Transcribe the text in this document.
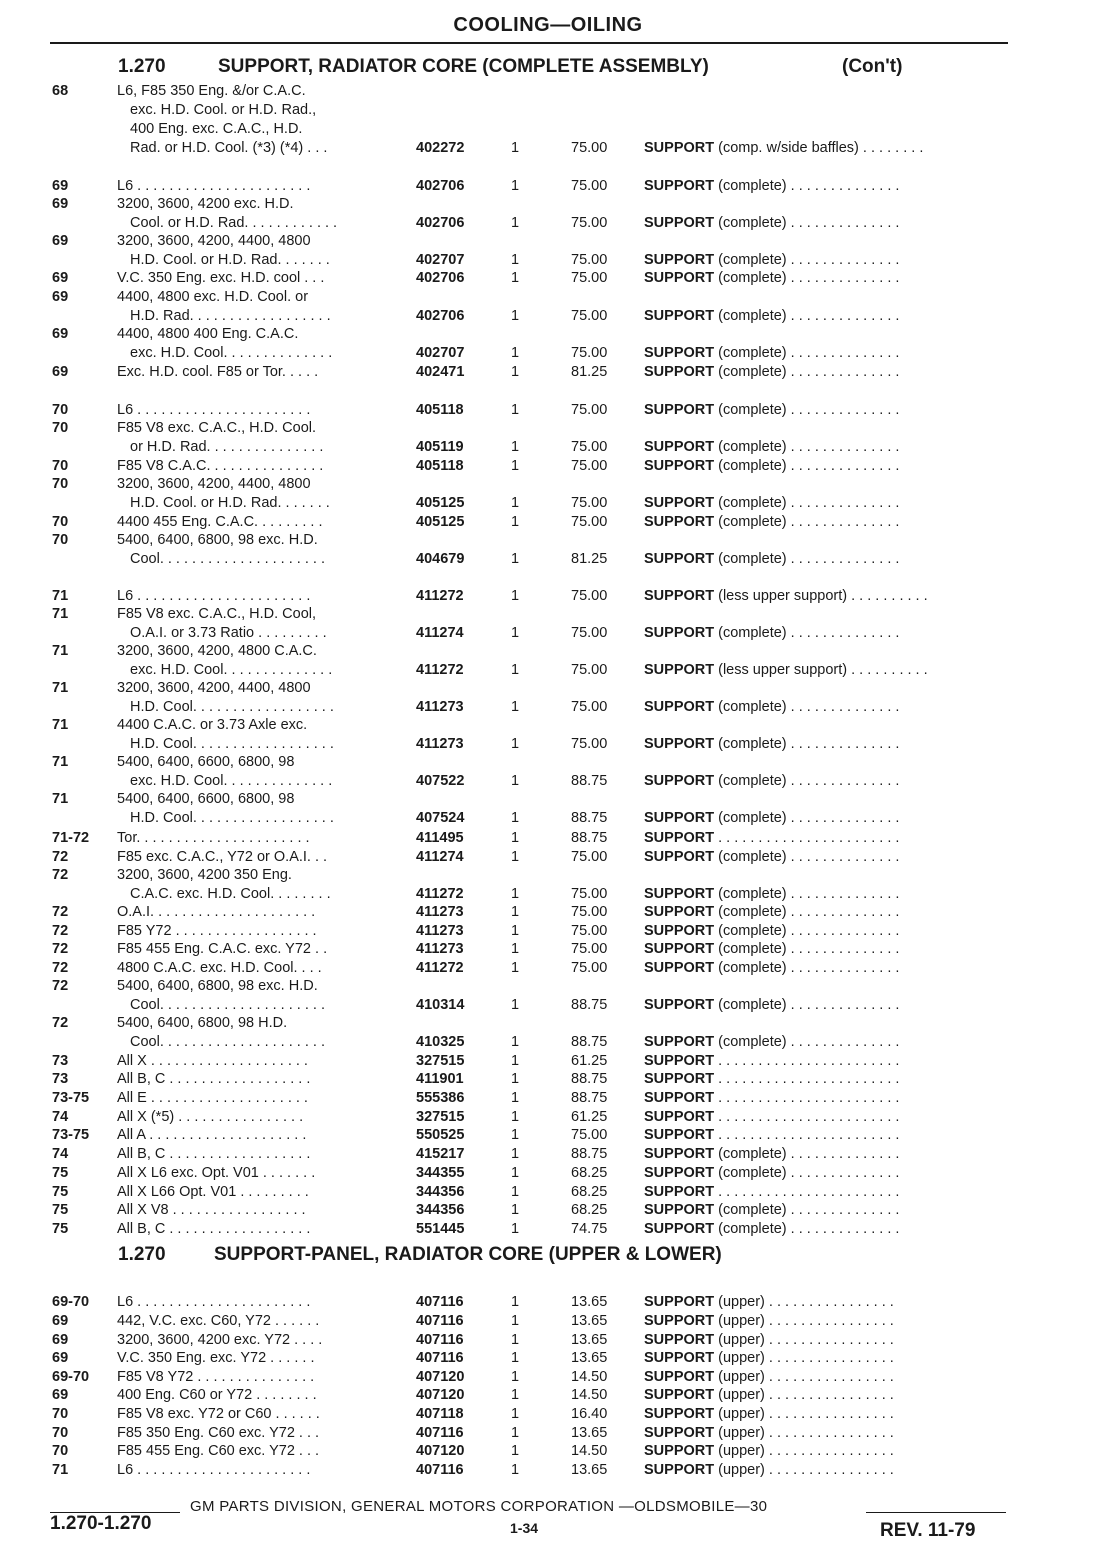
COOLING—OILING
1.270	SUPPORT, RADIATOR CORE (COMPLETE ASSEMBLY)	(Con't)
68	L6, F85 350 Eng. &/or C.A.C.
exc. H.D. Cool. or H.D. Rad.,
400 Eng. exc. C.A.C., H.D.
Rad. or H.D. Cool. (*3) (*4) . . .	402272	1	75.00	SUPPORT (comp. w/side baffles) . . . . . . . .
69	L6 . . . . . . . . . . . . . . . . . . . . . .	402706	1	75.00	SUPPORT (complete) . . . . . . . . . . . . . .
69	3200, 3600, 4200 exc. H.D.
Cool. or H.D. Rad. . . . . . . . . . . .	402706	1	75.00	SUPPORT (complete) . . . . . . . . . . . . . .
69	3200, 3600, 4200, 4400, 4800
H.D. Cool. or H.D. Rad. . . . . . .	402707	1	75.00	SUPPORT (complete) . . . . . . . . . . . . . .
69	V.C. 350 Eng. exc. H.D. cool . . .	402706	1	75.00	SUPPORT (complete) . . . . . . . . . . . . . .
69	4400, 4800 exc. H.D. Cool. or
H.D. Rad. . . . . . . . . . . . . . . . . .	402706	1	75.00	SUPPORT (complete) . . . . . . . . . . . . . .
69	4400, 4800 400 Eng. C.A.C.
exc. H.D. Cool. . . . . . . . . . . . . .	402707	1	75.00	SUPPORT (complete) . . . . . . . . . . . . . .
69	Exc. H.D. cool. F85 or Tor. . . . .	402471	1	81.25	SUPPORT (complete) . . . . . . . . . . . . . .
70	L6 . . . . . . . . . . . . . . . . . . . . . .	405118	1	75.00	SUPPORT (complete) . . . . . . . . . . . . . .
70	F85 V8 exc. C.A.C., H.D. Cool.
or H.D. Rad. . . . . . . . . . . . . . .	405119	1	75.00	SUPPORT (complete) . . . . . . . . . . . . . .
70	F85 V8 C.A.C. . . . . . . . . . . . . . .	405118	1	75.00	SUPPORT (complete) . . . . . . . . . . . . . .
70	3200, 3600, 4200, 4400, 4800
H.D. Cool. or H.D. Rad. . . . . . .	405125	1	75.00	SUPPORT (complete) . . . . . . . . . . . . . .
70	4400 455 Eng. C.A.C. . . . . . . . .	405125	1	75.00	SUPPORT (complete) . . . . . . . . . . . . . .
70	5400, 6400, 6800, 98 exc. H.D.
Cool. . . . . . . . . . . . . . . . . . . . .	404679	1	81.25	SUPPORT (complete) . . . . . . . . . . . . . .
71	L6 . . . . . . . . . . . . . . . . . . . . . .	411272	1	75.00	SUPPORT (less upper support) . . . . . . . . . .
71	F85 V8 exc. C.A.C., H.D. Cool,
O.A.I. or 3.73 Ratio . . . . . . . . .	411274	1	75.00	SUPPORT (complete) . . . . . . . . . . . . . .
71	3200, 3600, 4200, 4800 C.A.C.
exc. H.D. Cool. . . . . . . . . . . . . .	411272	1	75.00	SUPPORT (less upper support) . . . . . . . . . .
71	3200, 3600, 4200, 4400, 4800
H.D. Cool. . . . . . . . . . . . . . . . . .	411273	1	75.00	SUPPORT (complete) . . . . . . . . . . . . . .
71	4400 C.A.C. or 3.73 Axle exc.
H.D. Cool. . . . . . . . . . . . . . . . . .	411273	1	75.00	SUPPORT (complete) . . . . . . . . . . . . . .
71	5400, 6400, 6600, 6800, 98
exc. H.D. Cool. . . . . . . . . . . . . .	407522	1	88.75	SUPPORT (complete) . . . . . . . . . . . . . .
71	5400, 6400, 6600, 6800, 98
H.D. Cool. . . . . . . . . . . . . . . . . .	407524	1	88.75	SUPPORT (complete) . . . . . . . . . . . . . .
71-72 Tor. . . . . . . . . . . . . . . . . . . . . .	411495	1	88.75	SUPPORT . . . . . . . . . . . . . . . . . . . . . . .
72	F85 exc. C.A.C., Y72 or O.A.I. . .	411274	1	75.00	SUPPORT (complete) . . . . . . . . . . . . . .
72	3200, 3600, 4200 350 Eng.
C.A.C. exc. H.D. Cool. . . . . . . .	411272	1	75.00	SUPPORT (complete) . . . . . . . . . . . . . .
72	O.A.I. . . . . . . . . . . . . . . . . . . . .	411273	1	75.00	SUPPORT (complete) . . . . . . . . . . . . . .
72	F85 Y72 . . . . . . . . . . . . . . . . . .	411273	1	75.00	SUPPORT (complete) . . . . . . . . . . . . . .
72	F85 455 Eng. C.A.C. exc. Y72 . .	411273	1	75.00	SUPPORT (complete) . . . . . . . . . . . . . .
72	4800 C.A.C. exc. H.D. Cool. . . .	411272	1	75.00	SUPPORT (complete) . . . . . . . . . . . . . .
72	5400, 6400, 6800, 98 exc. H.D.
Cool. . . . . . . . . . . . . . . . . . . . .	410314	1	88.75	SUPPORT (complete) . . . . . . . . . . . . . .
72	5400, 6400, 6800, 98 H.D.
Cool. . . . . . . . . . . . . . . . . . . . .	410325	1	88.75	SUPPORT (complete) . . . . . . . . . . . . . .
73	All X . . . . . . . . . . . . . . . . . . . .	327515	1	61.25	SUPPORT . . . . . . . . . . . . . . . . . . . . . . .
73	All B, C . . . . . . . . . . . . . . . . . .	411901	1	88.75	SUPPORT . . . . . . . . . . . . . . . . . . . . . . .
73-75 All E . . . . . . . . . . . . . . . . . . . .	555386	1	88.75	SUPPORT . . . . . . . . . . . . . . . . . . . . . . .
74	All X (*5) . . . . . . . . . . . . . . . .	327515	1	61.25	SUPPORT . . . . . . . . . . . . . . . . . . . . . . .
73-75 All A . . . . . . . . . . . . . . . . . . . .	550525	1	75.00	SUPPORT . . . . . . . . . . . . . . . . . . . . . . .
74	All B, C . . . . . . . . . . . . . . . . . .	415217	1	88.75	SUPPORT (complete) . . . . . . . . . . . . . .
75	All X L6 exc. Opt. V01 . . . . . . .	344355	1	68.25	SUPPORT (complete) . . . . . . . . . . . . . .
75	All X L66 Opt. V01 . . . . . . . . .	344356	1	68.25	SUPPORT . . . . . . . . . . . . . . . . . . . . . . .
75	All X V8 . . . . . . . . . . . . . . . . .	344356	1	68.25	SUPPORT (complete) . . . . . . . . . . . . . .
75	All B, C . . . . . . . . . . . . . . . . . .	551445	1	74.75	SUPPORT (complete) . . . . . . . . . . . . . .
1.270	SUPPORT-PANEL, RADIATOR CORE (UPPER & LOWER)
69-70 L6 . . . . . . . . . . . . . . . . . . . . . .	407116	1	13.65	SUPPORT (upper) . . . . . . . . . . . . . . . .
69	442, V.C. exc. C60, Y72 . . . . . .	407116	1	13.65	SUPPORT (upper) . . . . . . . . . . . . . . . .
69	3200, 3600, 4200 exc. Y72 . . . .	407116	1	13.65	SUPPORT (upper) . . . . . . . . . . . . . . . .
69	V.C. 350 Eng. exc. Y72 . . . . . .	407116	1	13.65	SUPPORT (upper) . . . . . . . . . . . . . . . .
69-70 F85 V8 Y72 . . . . . . . . . . . . . . .	407120	1	14.50	SUPPORT (upper) . . . . . . . . . . . . . . . .
69	400 Eng. C60 or Y72 . . . . . . . .	407120	1	14.50	SUPPORT (upper) . . . . . . . . . . . . . . . .
70	F85 V8 exc. Y72 or C60 . . . . . .	407118	1	16.40	SUPPORT (upper) . . . . . . . . . . . . . . . .
70	F85 350 Eng. C60 exc. Y72 . . .	407116	1	13.65	SUPPORT (upper) . . . . . . . . . . . . . . . .
70	F85 455 Eng. C60 exc. Y72 . . .	407120	1	14.50	SUPPORT (upper) . . . . . . . . . . . . . . . .
71	L6 . . . . . . . . . . . . . . . . . . . . . .	407116	1	13.65	SUPPORT (upper) . . . . . . . . . . . . . . . .
1.270-1.270
GM PARTS DIVISION, GENERAL MOTORS CORPORATION —OLDSMOBILE—30
1-34	REV. 11-79
